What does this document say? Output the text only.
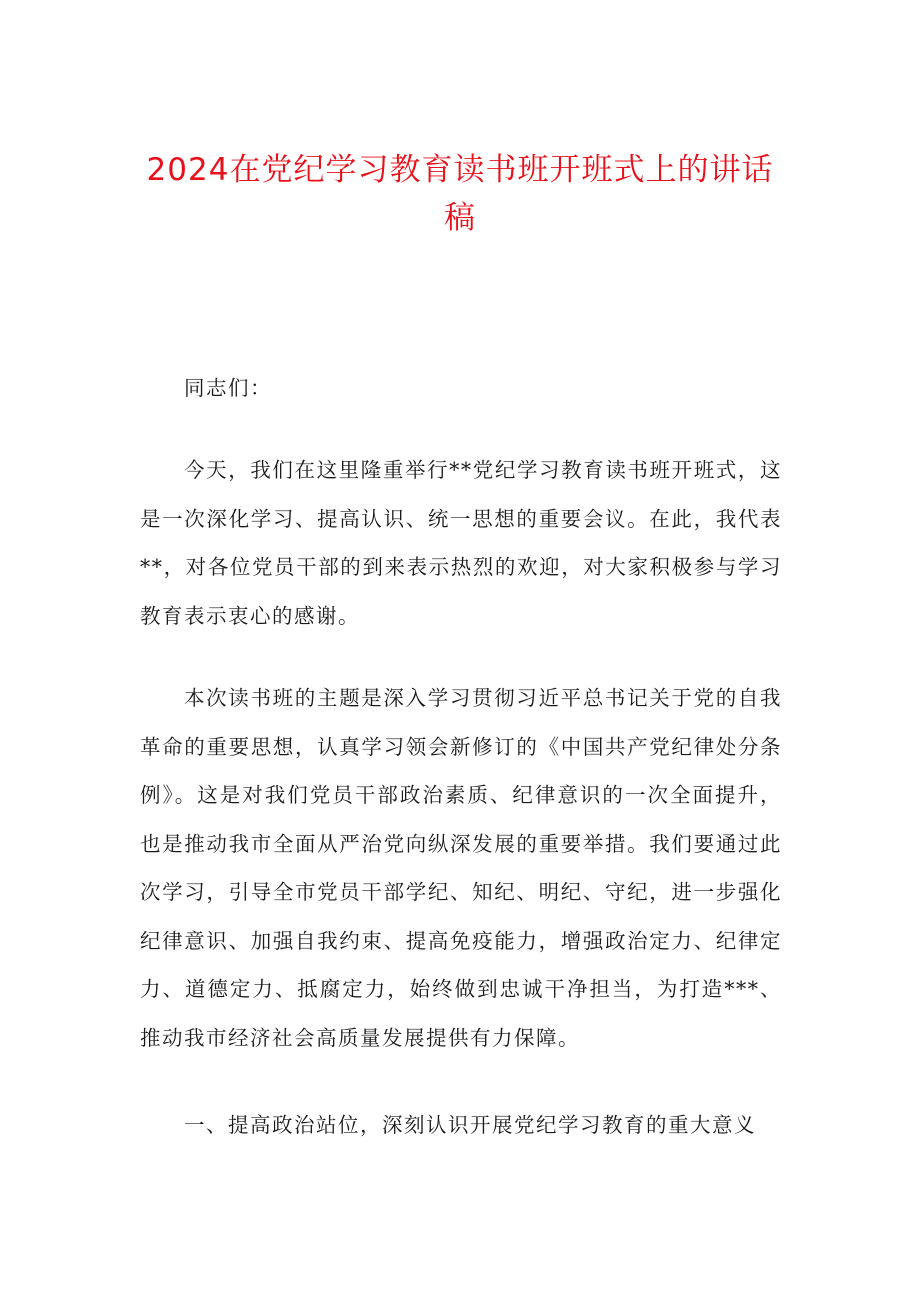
2024在党纪学习教育读书班开班式上的讲话稿

同志们：

今天，我们在这里隆重举行**党纪学习教育读书班开班式，这是一次深化学习、提高认识、统一思想的重要会议。在此，我代表**，对各位党员干部的到来表示热烈的欢迎，对大家积极参与学习教育表示衷心的感谢。

本次读书班的主题是深入学习贯彻习近平总书记关于党的自我革命的重要思想，认真学习领会新修订的《中国共产党纪律处分条例》。这是对我们党员干部政治素质、纪律意识的一次全面提升，也是推动我市全面从严治党向纵深发展的重要举措。我们要通过此次学习，引导全市党员干部学纪、知纪、明纪、守纪，进一步强化纪律意识、加强自我约束、提高免疫能力，增强政治定力、纪律定力、道德定力、抵腐定力，始终做到忠诚干净担当，为打造***、推动我市经济社会高质量发展提供有力保障。

一、提高政治站位，深刻认识开展党纪学习教育的重大意义
